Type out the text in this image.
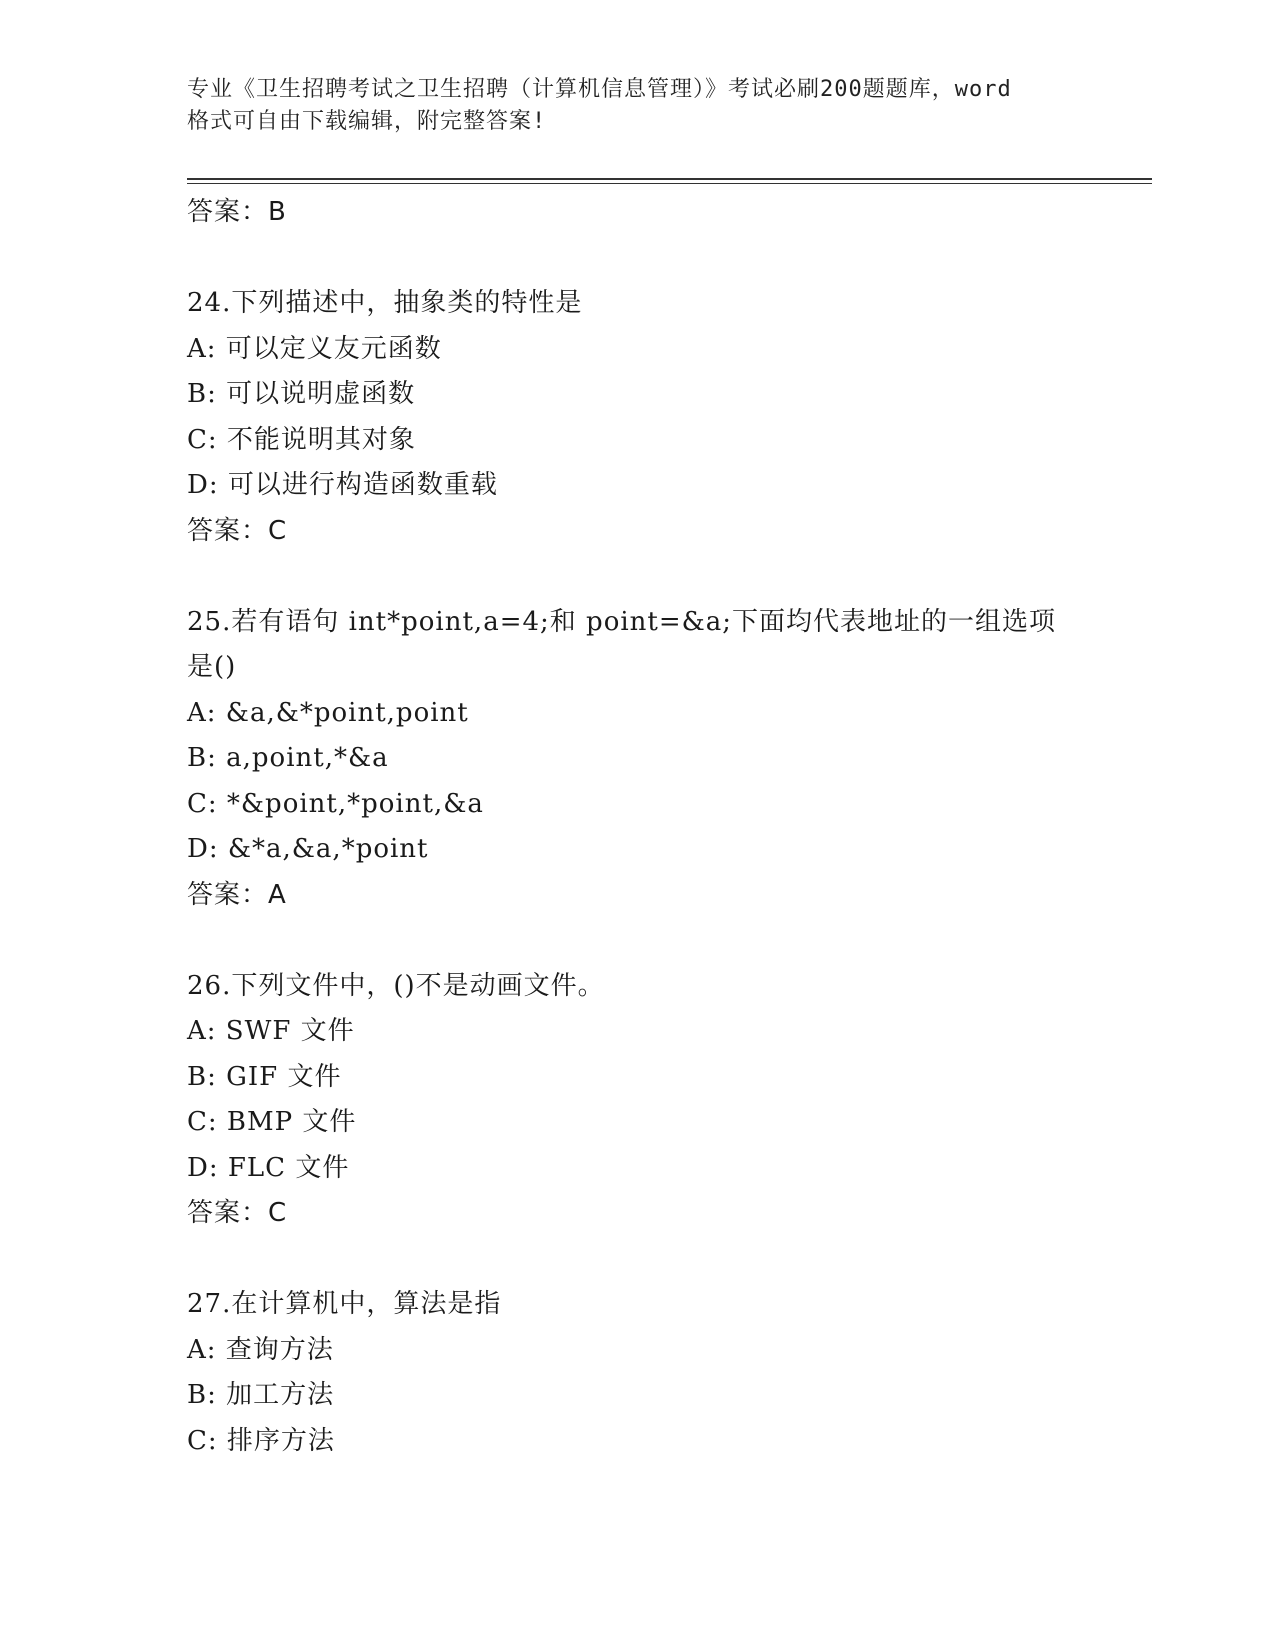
专业《卫生招聘考试之卫生招聘（计算机信息管理）》考试必刷200题题库，word
格式可自由下载编辑，附完整答案!
答案：B
24.下列描述中，抽象类的特性是
A: 可以定义友元函数
B: 可以说明虚函数
C: 不能说明其对象
D: 可以进行构造函数重载
答案：C
25.若有语句 int*point,a=4;和 point=&a;下面均代表地址的一组选项
是()
A: &a,&*point,point
B: a,point,*&a
C: *&point,*point,&a
D: &*a,&a,*point
答案：A
26.下列文件中，()不是动画文件。
A: SWF 文件
B: GIF 文件
C: BMP 文件
D: FLC 文件
答案：C
27.在计算机中，算法是指
A: 查询方法
B: 加工方法
C: 排序方法
